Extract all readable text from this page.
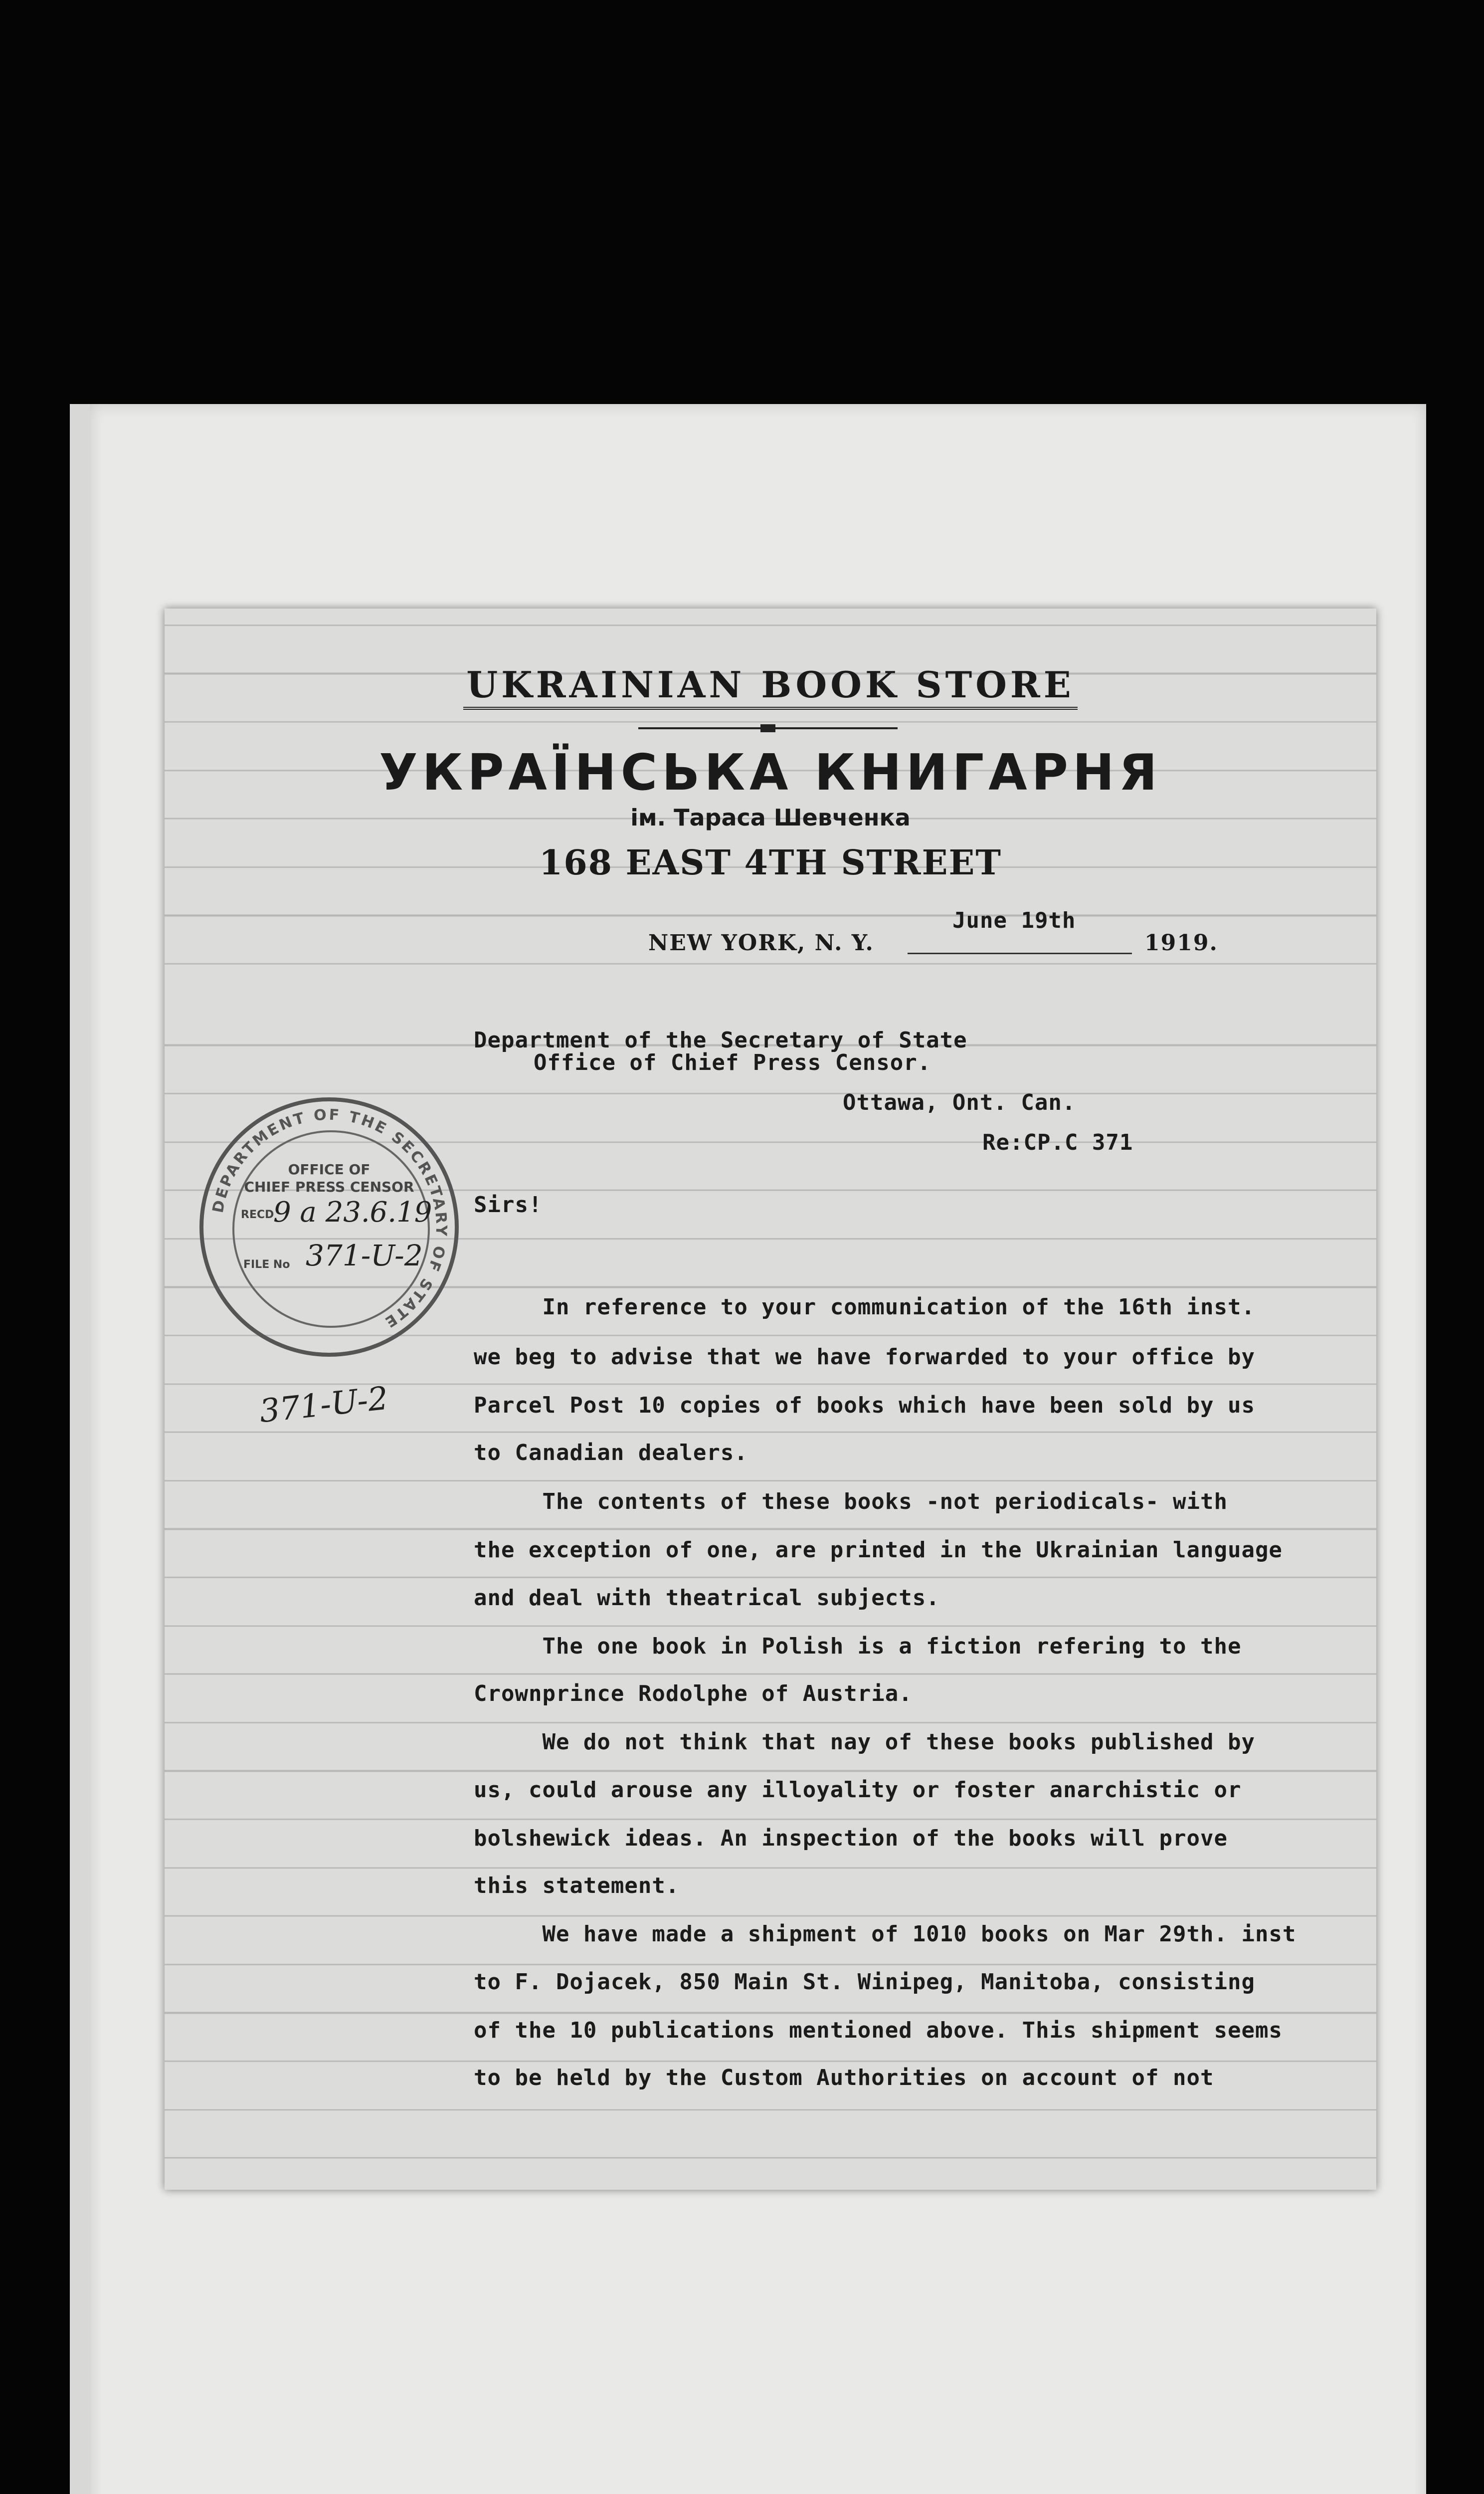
UKRAINIAN BOOK STORE
УКРАЇНСЬКА КНИГАРНЯ
ім. Тараса Шевченка
168 EAST 4TH STREET
NEW YORK, N. Y.
June 19th
1919.
Department of the Secretary of State
Office of Chief Press Censor.
Ottawa, Ont. Can.
Re:CP.C 371
Sirs!
In reference to your communication of the 16th inst.
we beg to advise that we have forwarded to your office by
Parcel Post 10 copies of books which have been sold by us
to Canadian dealers.
The contents of these books -not periodicals- with
the exception of one, are printed in the Ukrainian language
and deal with theatrical subjects.
The one book in Polish is a fiction refering to the
Crownprince Rodolphe of Austria.
We do not think that nay of these books published by
us, could arouse any illoyality or foster anarchistic or
bolshewick ideas. An inspection of the books will prove
this statement.
We have made a shipment of 1010 books on Mar 29th. inst
to F. Dojacek, 850 Main St. Winipeg, Manitoba, consisting
of the 10 publications mentioned above. This shipment seems
to be held by the Custom Authorities on account of not
DEPARTMENT OF THE SECRETARY OF STATE
OFFICE OF
CHIEF PRESS CENSOR
RECD
9 a 23.6.19
FILE No 371-U-2
371-U-2
